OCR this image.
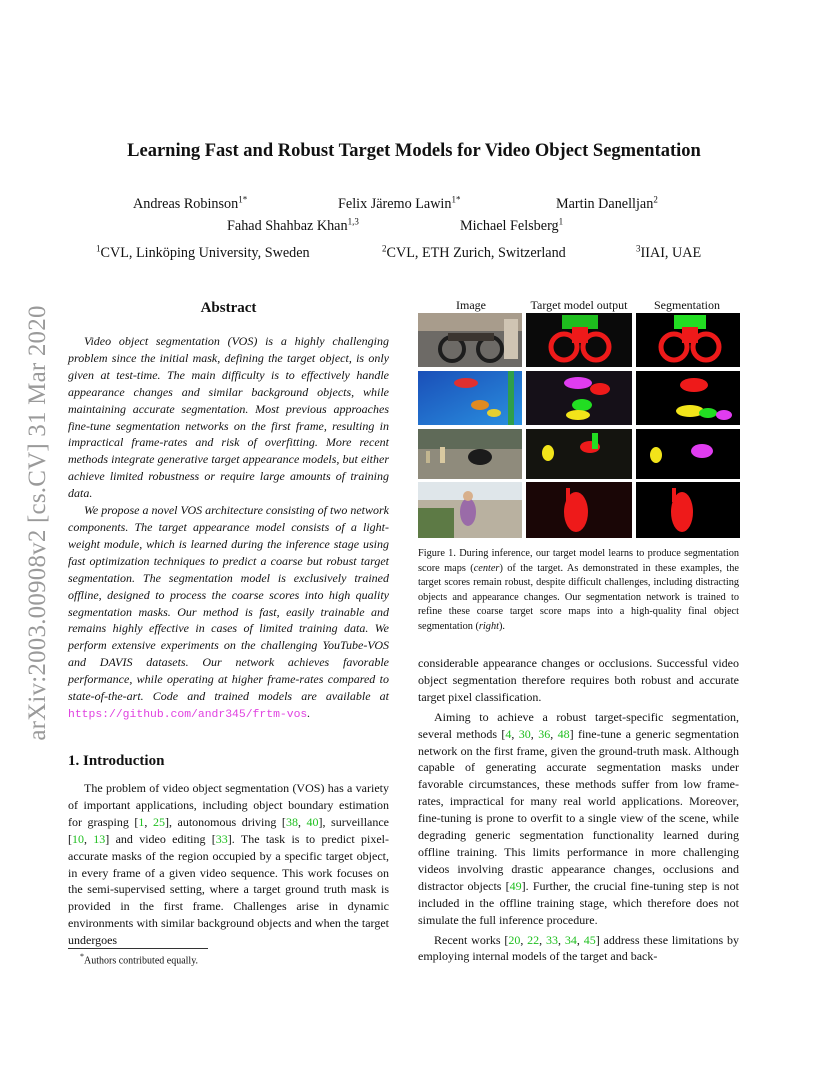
arXiv:2003.00908v2 [cs.CV] 31 Mar 2020
Learning Fast and Robust Target Models for Video Object Segmentation
Andreas Robinson$^{1*}$	Felix Järemo Lawin$^{1*}$	Martin Danelljan$^2$
Fahad Shahbaz Khan$^{1,3}$	Michael Felsberg$^1$
$^1$CVL, Linköping University, Sweden	$^2$CVL, ETH Zurich, Switzerland	$^3$IIAI, UAE
Abstract

Video object segmentation (VOS) is a highly challenging problem since the initial mask, defining the target object, is only given at test-time. The main difficulty is to effectively handle appearance changes and similar background objects, while maintaining accurate segmentation. Most previous approaches fine-tune segmentation networks on the first frame, resulting in impractical frame-rates and risk of overfitting. More recent methods integrate generative target appearance models, but either achieve limited robustness or require large amounts of training data.

We propose a novel VOS architecture consisting of two network components. The target appearance model consists of a light-weight module, which is learned during the inference stage using fast optimization techniques to predict a coarse but robust target segmentation. The segmentation model is exclusively trained offline, designed to process the coarse scores into high quality segmentation masks. Our method is fast, easily trainable and remains highly effective in cases of limited training data. We perform extensive experiments on the challenging YouTube-VOS and DAVIS datasets. Our network achieves favorable performance, while operating at higher frame-rates compared to state-of-the-art. Code and trained models are available at https://github.com/andr345/frtm-vos.

1. Introduction

The problem of video object segmentation (VOS) has a variety of important applications, including object boundary estimation for grasping [1, 25], autonomous driving [38, 40], surveillance [10, 13] and video editing [33]. The task is to predict pixel-accurate masks of the region occupied by a specific target object, in every frame of a given video sequence. This work focuses on the semi-supervised setting, where a target ground truth mask is provided in the first frame. Challenges arise in dynamic environments with similar background objects and when the target undergoes

*Authors contributed equally.
Image	Target model output	Segmentation
Figure 1. During inference, our target model learns to produce segmentation score maps (center) of the target. As demonstrated in these examples, the target scores remain robust, despite difficult challenges, including distracting objects and appearance changes. Our segmentation network is trained to refine these coarse target score maps into a high-quality final object segmentation (right).

considerable appearance changes or occlusions. Successful video object segmentation therefore requires both robust and accurate target pixel classification.

Aiming to achieve a robust target-specific segmentation, several methods [4, 30, 36, 48] fine-tune a generic segmentation network on the first frame, given the ground-truth mask. Although capable of generating accurate segmentation masks under favorable circumstances, these methods suffer from low frame-rates, impractical for many real world applications. Moreover, fine-tuning is prone to overfit to a single view of the scene, while degrading generic segmentation functionality learned during offline training. This limits performance in more challenging videos involving drastic appearance changes, occlusions and distractor objects [49]. Further, the crucial fine-tuning step is not included in the offline training stage, which therefore does not simulate the full inference procedure.

Recent works [20, 22, 33, 34, 45] address these limitations by employing internal models of the target and back-
